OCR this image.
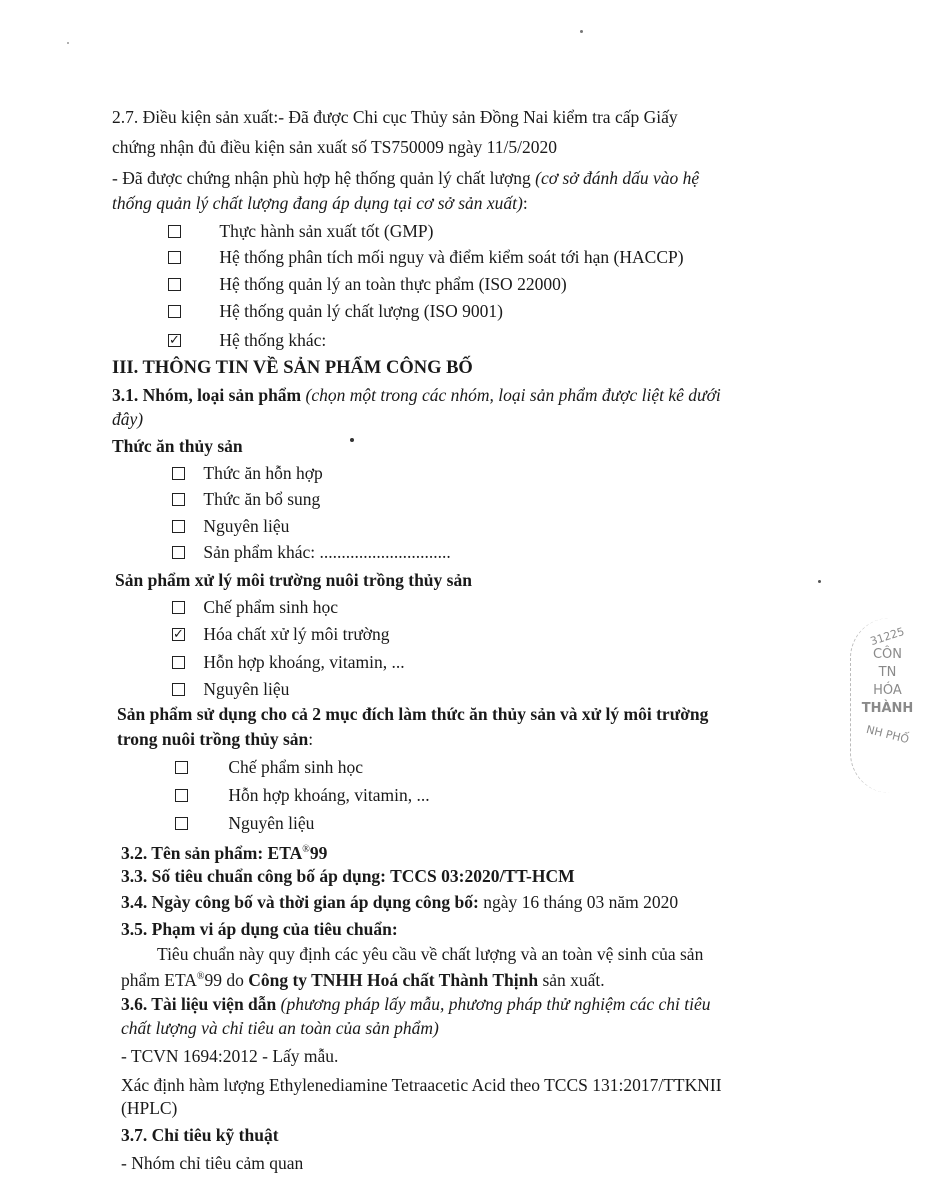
2.7. Điều kiện sản xuất:- Đã được Chi cục Thủy sản Đồng Nai kiểm tra cấp Giấy
chứng nhận đủ điều kiện sản xuất số TS750009 ngày 11/5/2020
- Đã được chứng nhận phù hợp hệ thống quản lý chất lượng (cơ sở đánh dấu vào hệ
thống quản lý chất lượng đang áp dụng tại cơ sở sản xuất):
Thực hành sản xuất tốt (GMP)
Hệ thống phân tích mối nguy và điểm kiểm soát tới hạn (HACCP)
Hệ thống quản lý an toàn thực phẩm (ISO 22000)
Hệ thống quản lý chất lượng (ISO 9001)
✓ Hệ thống khác:
III. THÔNG TIN VỀ SẢN PHẨM CÔNG BỐ
3.1. Nhóm, loại sản phẩm (chọn một trong các nhóm, loại sản phẩm được liệt kê dưới
đây)
Thức ăn thủy sản
Thức ăn hỗn hợp
Thức ăn bổ sung
Nguyên liệu
Sản phẩm khác: ..............................
Sản phẩm xử lý môi trường nuôi trồng thủy sản
Chế phẩm sinh học
✓ Hóa chất xử lý môi trường
Hỗn hợp khoáng, vitamin, ...
Nguyên liệu
Sản phẩm sử dụng cho cả 2 mục đích làm thức ăn thủy sản và xử lý môi trường
trong nuôi trồng thủy sản:
Chế phẩm sinh học
Hỗn hợp khoáng, vitamin, ...
Nguyên liệu
3.2. Tên sản phẩm: ETA®99
3.3. Số tiêu chuẩn công bố áp dụng: TCCS 03:2020/TT-HCM
3.4. Ngày công bố và thời gian áp dụng công bố: ngày 16 tháng 03 năm 2020
3.5. Phạm vi áp dụng của tiêu chuẩn:
Tiêu chuẩn này quy định các yêu cầu về chất lượng và an toàn vệ sinh của sản
phẩm ETA®99 do Công ty TNHH Hoá chất Thành Thịnh sản xuất.
3.6. Tài liệu viện dẫn (phương pháp lấy mẫu, phương pháp thử nghiệm các chỉ tiêu
chất lượng và chỉ tiêu an toàn của sản phẩm)
- TCVN 1694:2012 - Lấy mẫu.
Xác định hàm lượng Ethylenediamine Tetraacetic Acid theo TCCS 131:2017/TTKNII
(HPLC)
3.7. Chỉ tiêu kỹ thuật
- Nhóm chỉ tiêu cảm quan
31225
CÔN
TN
HÓA
THÀNH
NH PHỐ
